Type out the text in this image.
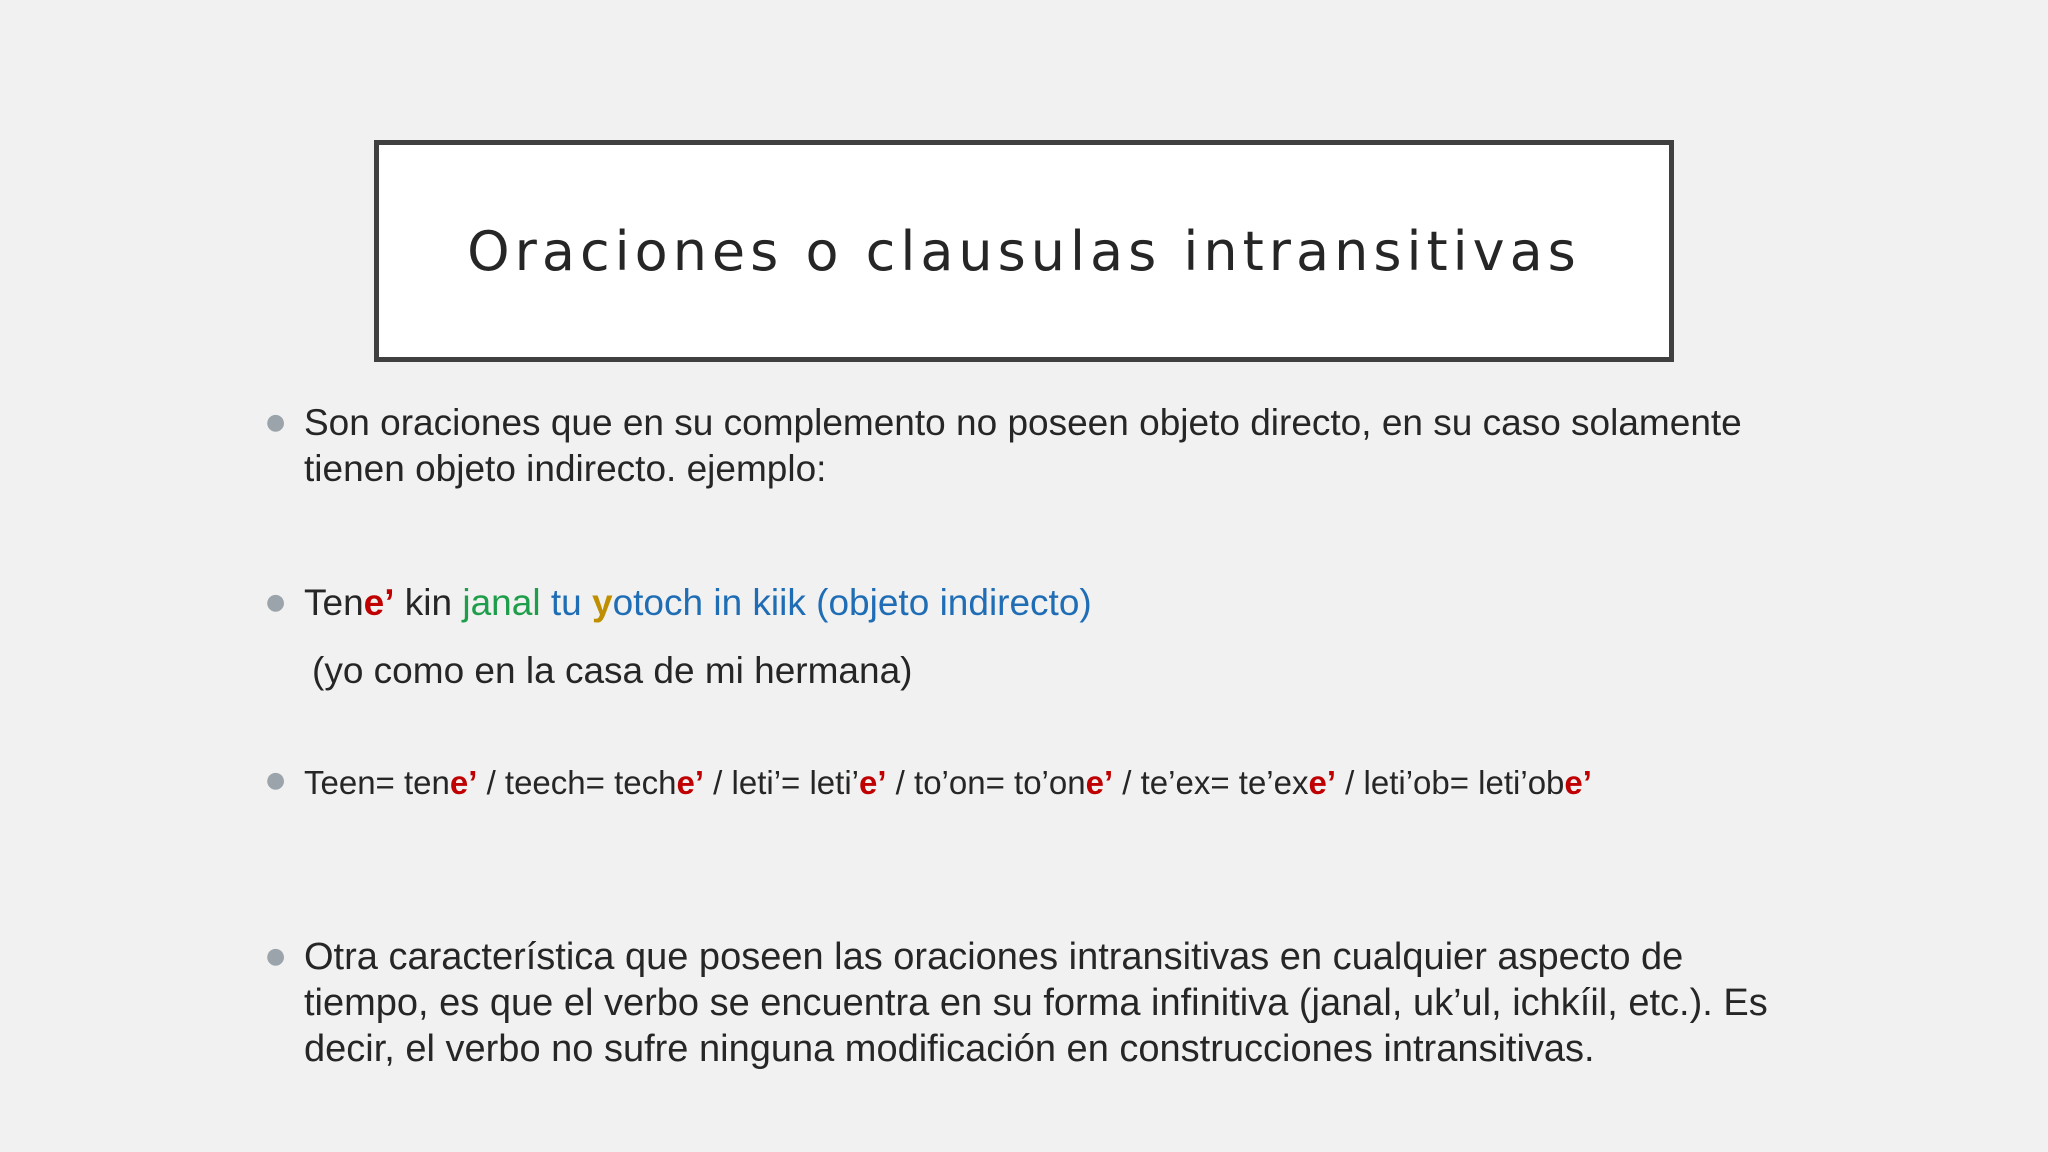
Oraciones o clausulas intransitivas
● Son oraciones que en su complemento no poseen objeto directo, en su caso solamente tienen objeto indirecto. ejemplo:
● Tene’ kin janal tu yotoch in kiik (objeto indirecto)
(yo como en la casa de mi hermana)
● Teen= tene’ / teech= teche’ / leti’= leti’e’ / to’on= to’one’ / te’ex= te’exe’ / leti’ob= leti’obe’
● Otra característica que poseen las oraciones intransitivas en cualquier aspecto de tiempo, es que el verbo se encuentra en su forma infinitiva (janal, uk’ul, ichkíil, etc.). Es decir, el verbo no sufre ninguna modificación en construcciones intransitivas.
